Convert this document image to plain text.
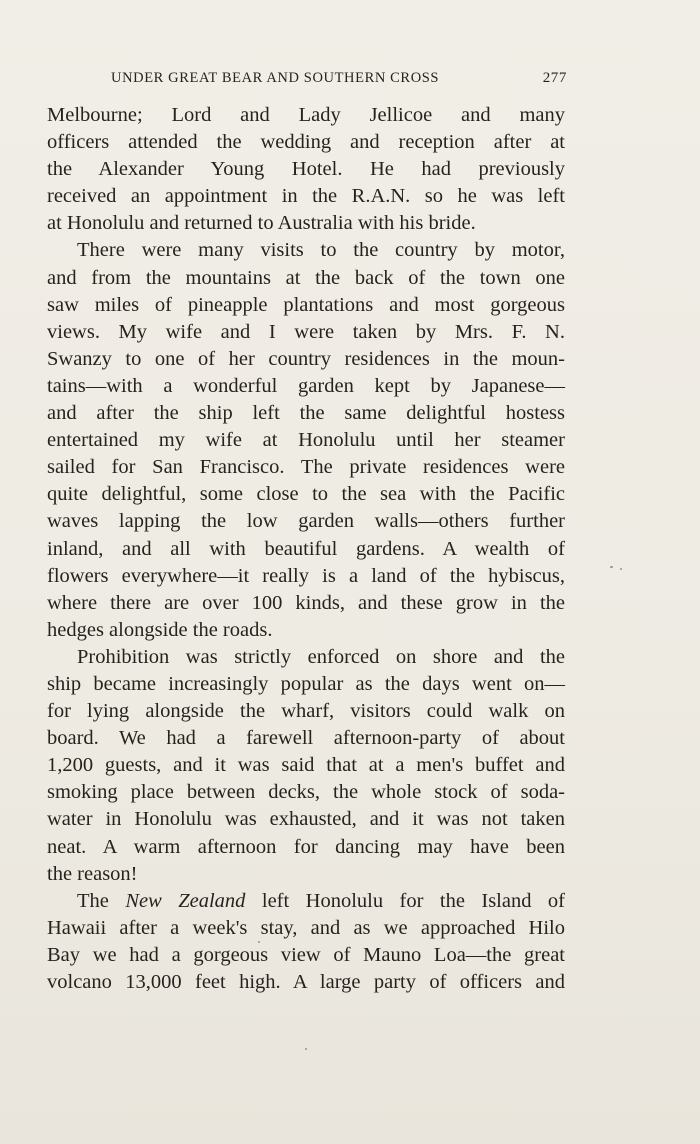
UNDER GREAT BEAR AND SOUTHERN CROSS	277
Melbourne; Lord and Lady Jellicoe and many
officers attended the wedding and reception after at
the Alexander Young Hotel. He had previously
received an appointment in the R.A.N. so he was left
at Honolulu and returned to Australia with his bride.
There were many visits to the country by motor,
and from the mountains at the back of the town one
saw miles of pineapple plantations and most gorgeous
views. My wife and I were taken by Mrs. F. N.
Swanzy to one of her country residences in the moun-
tains—with a wonderful garden kept by Japanese—
and after the ship left the same delightful hostess
entertained my wife at Honolulu until her steamer
sailed for San Francisco. The private residences were
quite delightful, some close to the sea with the Pacific
waves lapping the low garden walls—others further
inland, and all with beautiful gardens. A wealth of
flowers everywhere—it really is a land of the hybiscus,
where there are over 100 kinds, and these grow in the
hedges alongside the roads.
Prohibition was strictly enforced on shore and the
ship became increasingly popular as the days went on—
for lying alongside the wharf, visitors could walk on
board. We had a farewell afternoon-party of about
1,200 guests, and it was said that at a men's buffet and
smoking place between decks, the whole stock of soda-
water in Honolulu was exhausted, and it was not taken
neat. A warm afternoon for dancing may have been
the reason!
The New Zealand left Honolulu for the Island of
Hawaii after a week's stay, and as we approached Hilo
Bay we had a gorgeous view of Mauno Loa—the great
volcano 13,000 feet high. A large party of officers and
